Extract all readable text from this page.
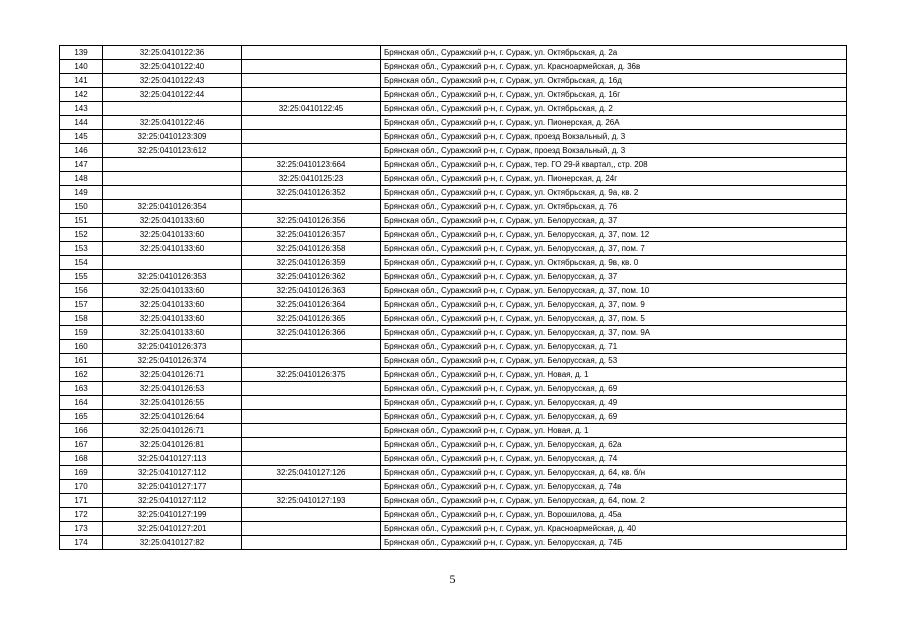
139	32:25:0410122:36		Брянская обл., Суражский р-н, г. Сураж, ул. Октябрьская, д. 2а
140	32:25:0410122:40		Брянская обл., Суражский р-н, г. Сураж, ул. Красноармейская, д. 36в
141	32:25:0410122:43		Брянская обл., Суражский р-н, г. Сураж, ул. Октябрьская, д. 16д
142	32:25:0410122:44		Брянская обл., Суражский р-н, г. Сураж, ул. Октябрьская, д. 16г
143		32:25:0410122:45	Брянская обл., Суражский р-н, г. Сураж, ул. Октябрьская, д. 2
144	32:25:0410122:46		Брянская обл., Суражский р-н, г. Сураж, ул. Пионерская, д. 26А
145	32:25:0410123:309		Брянская обл., Суражский р-н, г. Сураж, проезд Вокзальный, д. 3
146	32:25:0410123:612		Брянская обл., Суражский р-н, г. Сураж, проезд Вокзальный, д. 3
147		32:25:0410123:664	Брянская обл., Суражский р-н, г. Сураж, тер. ГО 29-й квартал,, стр. 208
148		32:25:0410125:23	Брянская обл., Суражский р-н, г. Сураж, ул. Пионерская, д. 24г
149		32:25:0410126:352	Брянская обл., Суражский р-н, г. Сураж, ул. Октябрьская, д. 9а, кв. 2
150	32:25:0410126:354		Брянская обл., Суражский р-н, г. Сураж, ул. Октябрьская, д. 76
151	32:25:0410133:60	32:25:0410126:356	Брянская обл., Суражский р-н, г. Сураж, ул. Белорусская, д. 37
152	32:25:0410133:60	32:25:0410126:357	Брянская обл., Суражский р-н, г. Сураж, ул. Белорусская, д. 37, пом. 12
153	32:25:0410133:60	32:25:0410126:358	Брянская обл., Суражский р-н, г. Сураж, ул. Белорусская, д. 37, пом. 7
154		32:25:0410126:359	Брянская обл., Суражский р-н, г. Сураж, ул. Октябрьская, д. 9в, кв. 0
155	32:25:0410126:353	32:25:0410126:362	Брянская обл., Суражский р-н, г. Сураж, ул. Белорусская, д. 37
156	32:25:0410133:60	32:25:0410126:363	Брянская обл., Суражский р-н, г. Сураж, ул. Белорусская, д. 37, пом. 10
157	32:25:0410133:60	32:25:0410126:364	Брянская обл., Суражский р-н, г. Сураж, ул. Белорусская, д. 37, пом. 9
158	32:25:0410133:60	32:25:0410126:365	Брянская обл., Суражский р-н, г. Сураж, ул. Белорусская, д. 37, пом. 5
159	32:25:0410133:60	32:25:0410126:366	Брянская обл., Суражский р-н, г. Сураж, ул. Белорусская, д. 37, пом. 9А
160	32:25:0410126:373		Брянская обл., Суражский р-н, г. Сураж, ул. Белорусская, д. 71
161	32:25:0410126:374		Брянская обл., Суражский р-н, г. Сураж, ул. Белорусская, д. 53
162	32:25:0410126:71	32:25:0410126:375	Брянская обл., Суражский р-н, г. Сураж, ул. Новая, д. 1
163	32:25:0410126:53		Брянская обл., Суражский р-н, г. Сураж, ул. Белорусская, д. 69
164	32:25:0410126:55		Брянская обл., Суражский р-н, г. Сураж, ул. Белорусская, д. 49
165	32:25:0410126:64		Брянская обл., Суражский р-н, г. Сураж, ул. Белорусская, д. 69
166	32:25:0410126:71		Брянская обл., Суражский р-н, г. Сураж, ул. Новая, д. 1
167	32:25:0410126:81		Брянская обл., Суражский р-н, г. Сураж, ул. Белорусская, д. 62а
168	32:25:0410127:113		Брянская обл., Суражский р-н, г. Сураж, ул. Белорусская, д. 74
169	32:25:0410127:112	32:25:0410127:126	Брянская обл., Суражский р-н, г. Сураж, ул. Белорусская, д. 64, кв. б/н
170	32:25:0410127:177		Брянская обл., Суражский р-н, г. Сураж, ул. Белорусская, д. 74в
171	32:25:0410127:112	32:25:0410127:193	Брянская обл., Суражский р-н, г. Сураж, ул. Белорусская, д. 64, пом. 2
172	32:25:0410127:199		Брянская обл., Суражский р-н, г. Сураж, ул. Ворошилова, д. 45а
173	32:25:0410127:201		Брянская обл., Суражский р-н, г. Сураж, ул. Красноармейская, д. 40
174	32:25:0410127:82		Брянская обл., Суражский р-н, г. Сураж, ул. Белорусская, д. 74Б
5
